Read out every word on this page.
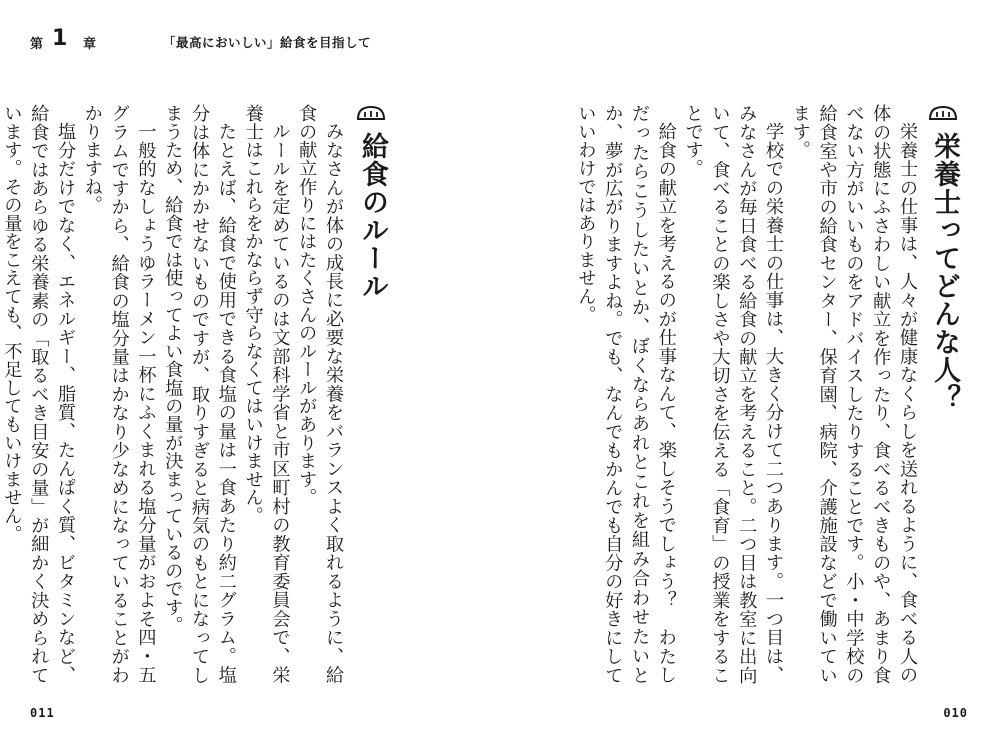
第 1 章	「最高においしい」給食を目指して
栄養士ってどんな人？

栄養士の仕事は、人々が健康なくらしを送れるように、食べる人の体の状態にふさわしい献立を作ったり、食べるべきものや、あまり食べない方がいいものをアドバイスしたりすることです。小・中学校の給食室や市の給食センター、保育園、病院、介護施設などで働いています。

学校での栄養士の仕事は、大きく分けて二つあります。一つ目は、みなさんが毎日食べる給食の献立を考えること。二つ目は教室に出向いて、食べることの楽しさや大切さを伝える「食育」の授業をすることです。

給食の献立を考えるのが仕事なんて、楽しそうでしょう？　わたしだったらこうしたいとか、ぼくならあれとこれを組み合わせたいとか、夢が広がりますよね。でも、なんでもかんでも自分の好きにしていいわけではありません。

給食のルール

みなさんが体の成長に必要な栄養をバランスよく取れるように、給食の献立作りにはたくさんのルールがあります。

ルールを定めているのは文部科学省と市区町村の教育委員会で、栄養士はこれらをかならず守らなくてはいけません。

たとえば、給食で使用できる食塩の量は一食あたり約二グラム。塩分は体にかかせないものですが、取りすぎると病気のもとになってしまうため、給食では使ってよい食塩の量が決まっているのです。

一般的なしょうゆラーメン一杯にふくまれる塩分量がおよそ四・五グラムですから、給食の塩分量はかなり少なめになっていることがわかりますね。

塩分だけでなく、エネルギー、脂質、たんぱく質、ビタミンなど、給食ではあらゆる栄養素の「取るべき目安の量」が細かく決められています。その量をこえても、不足してもいけません。

011	010
